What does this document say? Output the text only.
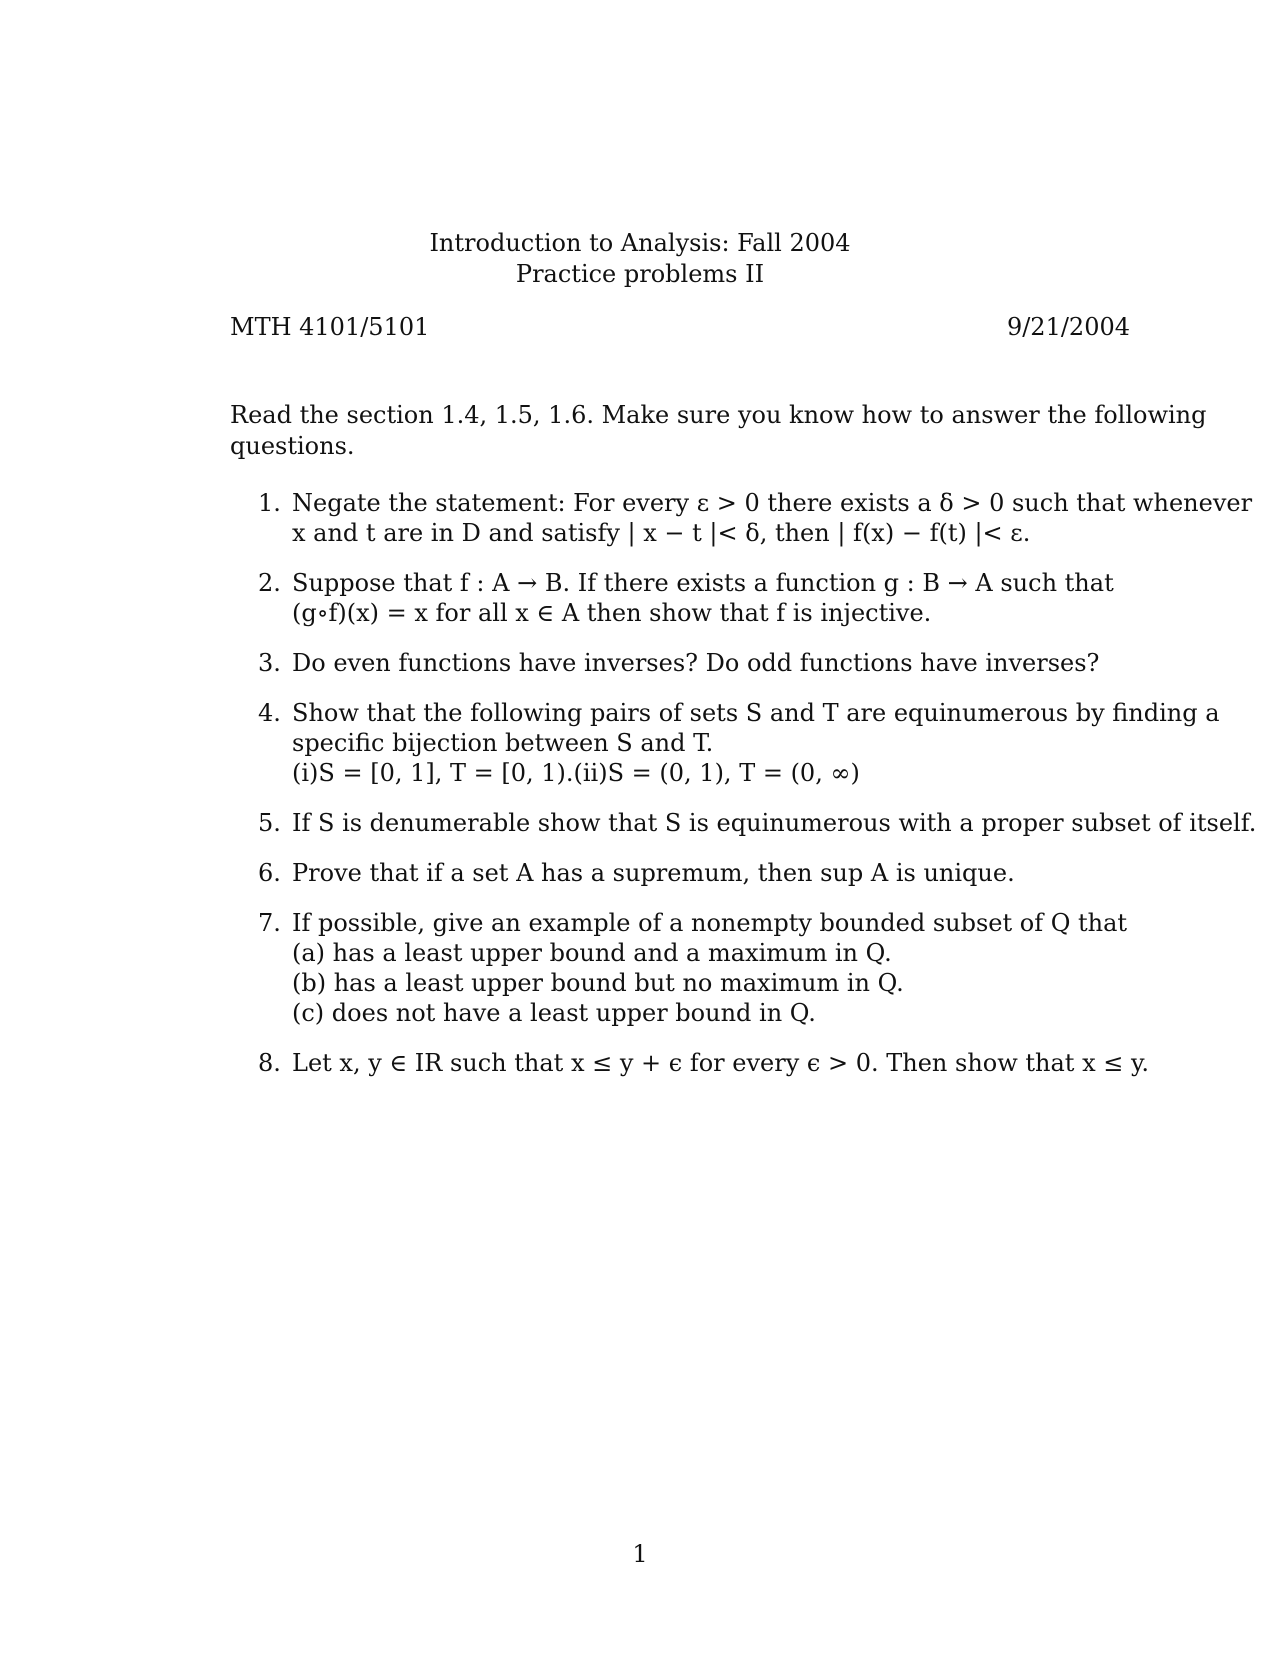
Introduction to Analysis: Fall 2004
Practice problems II
MTH 4101/5101	9/21/2004
Read the section 1.4, 1.5, 1.6. Make sure you know how to answer the following
questions.
1. Negate the statement: For every ε > 0 there exists a δ > 0 such that whenever
x and t are in D and satisfy | x − t |< δ, then | f(x) − f(t) |< ε.
2. Suppose that f : A → B. If there exists a function g : B → A such that
(g∘f)(x) = x for all x ∈ A then show that f is injective.
3. Do even functions have inverses? Do odd functions have inverses?
4. Show that the following pairs of sets S and T are equinumerous by finding a
specific bijection between S and T.
(i)S = [0, 1], T = [0, 1).(ii)S = (0, 1), T = (0, ∞)
5. If S is denumerable show that S is equinumerous with a proper subset of itself.
6. Prove that if a set A has a supremum, then sup A is unique.
7. If possible, give an example of a nonempty bounded subset of Q that
(a) has a least upper bound and a maximum in Q.
(b) has a least upper bound but no maximum in Q.
(c) does not have a least upper bound in Q.
8. Let x, y ∈ IR such that x ≤ y + ϵ for every ϵ > 0. Then show that x ≤ y.
1
